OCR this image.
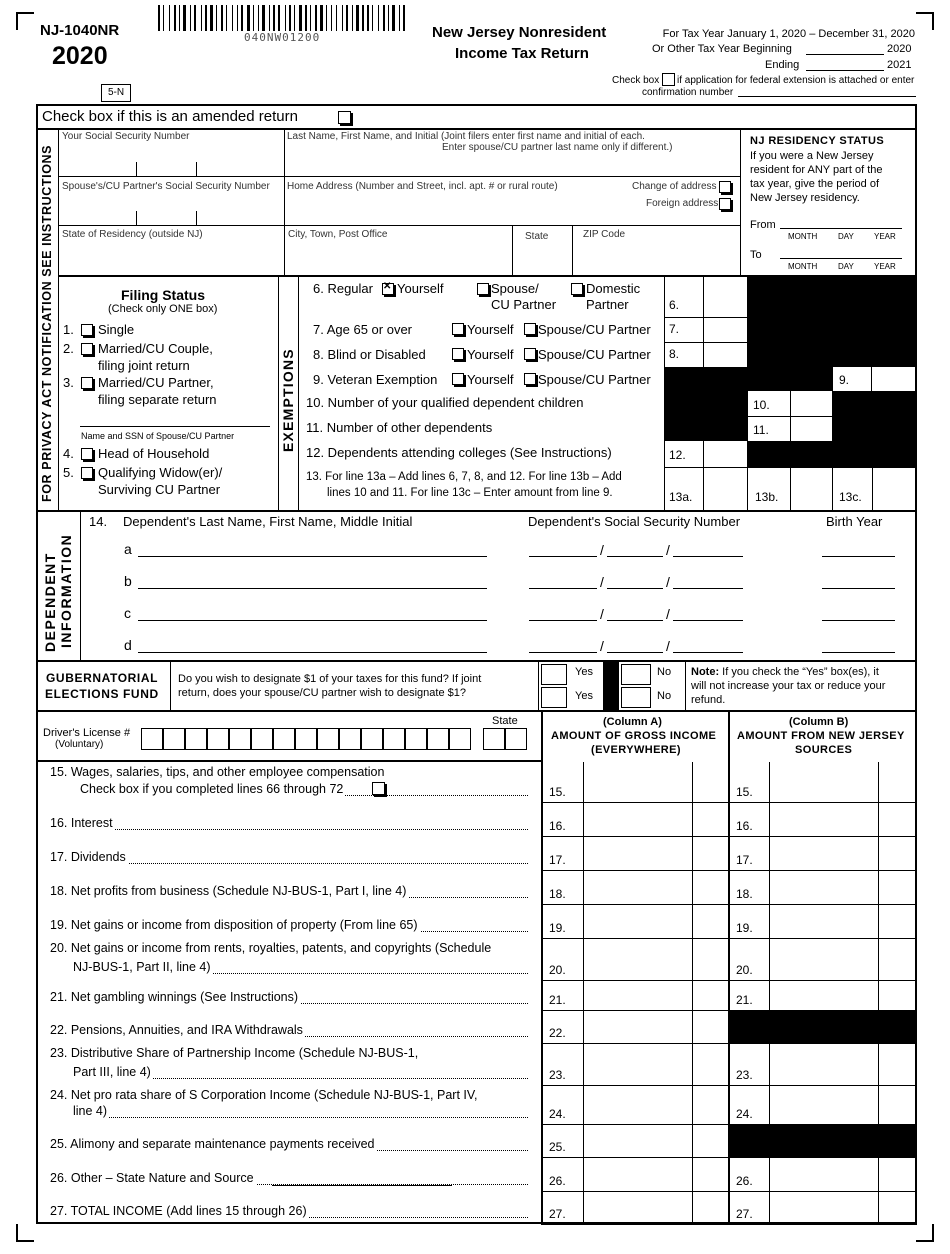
NJ-1040NR
2020
5-N
040NW01200	New Jersey Nonresident
Income Tax Return
For Tax Year January 1, 2020 – December 31, 2020
Or Other Tax Year Beginning	2020
Ending	2021
Check box if application for federal extension is attached or enter
confirmation number
Check box if this is an amended return
FOR PRIVACY ACT NOTIFICATION SEE INSTRUCTIONS
Your Social Security Number	Last Name, First Name, and Initial (Joint filers enter first name and initial of each.
Enter spouse/CU partner last name only if different.)
Spouse's/CU Partner's Social Security Number Home Address (Number and Street, incl. apt. # or rural route)	Change of address
Foreign address
State of Residency (outside NJ)	City, Town, Post Office	State	ZIP Code
NJ RESIDENCY STATUS
If you were a New Jersey
resident for ANY part of the
tax year, give the period of
New Jersey residency.
From
MONTH	DAY	YEAR
To
MONTH	DAY	YEAR
Filing Status
(Check only ONE box)
1. Single
2. Married/CU Couple,
filing joint return
3. Married/CU Partner,
filing separate return
Name and SSN of Spouse/CU Partner
4. Head of Household
5. Qualifying Widow(er)/
Surviving CU Partner
EXEMPTIONS
6. Regular
✕ Yourself	Spouse/
CU Partner
Domestic
Partner
7. Age 65 or over	Yourself Spouse/CU Partner
8. Blind or Disabled	Yourself Spouse/CU Partner
9. Veteran Exemption Yourself Spouse/CU Partner
10. Number of your qualified dependent children
11. Number of other dependents
12. Dependents attending colleges (See Instructions)
13. For line 13a – Add lines 6, 7, 8, and 12. For line 13b – Add
lines 10 and 11. For line 13c – Enter amount from line 9.
6.
7.
8.
9.
10.
11.
12.
13a.	13b.	13c.
DEPENDENT INFORMATION
14. Dependent's Last Name, First Name, Middle Initial	Dependent's Social Security Number	Birth Year
a	/	/
b	/	/
c	/	/
d	/	/
GUBERNATORIAL
ELECTIONS FUND
Do you wish to designate $1 of your taxes for this fund? If joint
return, does your spouse/CU partner wish to designate $1?
Yes	No
Yes	No
Note: If you check the “Yes” box(es), it
will not increase your tax or reduce your
refund.
Driver's License #
(Voluntary)
State	(Column A)
AMOUNT OF GROSS INCOME
(EVERYWHERE)
(Column B)
AMOUNT FROM NEW JERSEY
SOURCES
15. Wages, salaries, tips, and other employee compensation
Check box if you completed lines 66 through 72	15.	15.
16. Interest	16.	16.
17. Dividends	17.	17.
18. Net profits from business (Schedule NJ-BUS-1, Part I, line 4)	18.	18.
19. Net gains or income from disposition of property (From line 65)	19.	19.
20. Net gains or income from rents, royalties, patents, and copyrights (Schedule
NJ-BUS-1, Part II, line 4)	20.	20.
21. Net gambling winnings (See Instructions)	21.	21.
22. Pensions, Annuities, and IRA Withdrawals	22.
23. Distributive Share of Partnership Income (Schedule NJ-BUS-1,
Part III, line 4)	23.	23.
24. Net pro rata share of S Corporation Income (Schedule NJ-BUS-1, Part IV,
line 4)	24.	24.
25. Alimony and separate maintenance payments received	25.
26. Other – State Nature and Source	26.	26.
27. TOTAL INCOME (Add lines 15 through 26)	27.	27.
